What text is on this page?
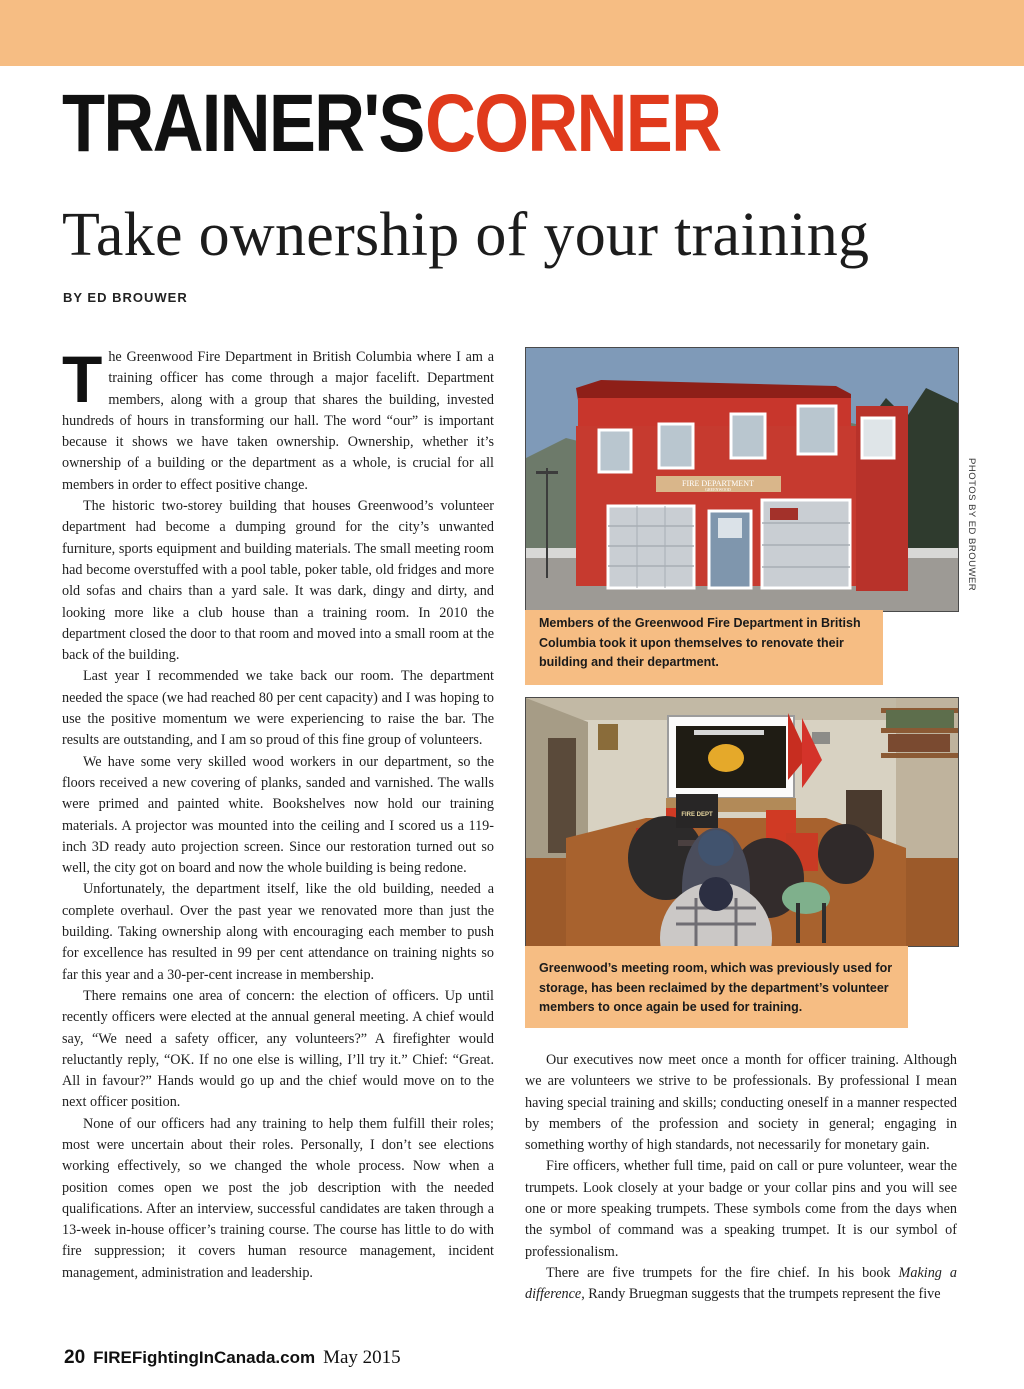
TRAINER'SCORNER
Take ownership of your training
BY ED BROUWER

The Greenwood Fire Department in British Columbia where I am a training officer has come through a major facelift. Department members, along with a group that shares the building, invested hundreds of hours in transforming our hall. The word “our” is important because it shows we have taken ownership. Ownership, whether it’s ownership of a building or the department as a whole, is crucial for all members in order to effect positive change.

The historic two-storey building that houses Greenwood’s volunteer department had become a dumping ground for the city’s unwanted furniture, sports equipment and building materials. The small meeting room had become overstuffed with a pool table, poker table, old fridges and more old sofas and chairs than a yard sale. It was dark, dingy and dirty, and looking more like a club house than a training room. In 2010 the department closed the door to that room and moved into a small room at the back of the building.

Last year I recommended we take back our room. The department needed the space (we had reached 80 per cent capacity) and I was hoping to use the positive momentum we were experiencing to raise the bar. The results are outstanding, and I am so proud of this fine group of volunteers.

We have some very skilled wood workers in our department, so the floors received a new covering of planks, sanded and varnished. The walls were primed and painted white. Bookshelves now hold our training materials. A projector was mounted into the ceiling and I scored us a 119-inch 3D ready auto projection screen. Since our restoration turned out so well, the city got on board and now the whole building is being redone.

Unfortunately, the department itself, like the old building, needed a complete overhaul. Over the past year we renovated more than just the building. Taking ownership along with encouraging each member to push for excellence has resulted in 99 per cent attendance on training nights so far this year and a 30-per-cent increase in membership.

There remains one area of concern: the election of officers. Up until recently officers were elected at the annual general meeting. A chief would say, “We need a safety officer, any volunteers?” A firefighter would reluctantly reply, “OK. If no one else is willing, I’ll try it.” Chief: “Great. All in favour?” Hands would go up and the chief would move on to the next officer position.

None of our officers had any training to help them fulfill their roles; most were uncertain about their roles. Personally, I don’t see elections working effectively, so we changed the whole process. Now when a position comes open we post the job description with the needed qualifications. After an interview, successful candidates are taken through a 13-week in-house officer’s training course. The course has little to do with fire suppression; it covers human resource management, incident management, administration and leadership.

FIRE DEPARTMENT
GREENWOOD
Members of the Greenwood Fire Department in British Columbia took it upon themselves to renovate their building and their department.
PHOTOS BY ED BROUWER
FIRE DEPT
Greenwood’s meeting room, which was previously used for storage, has been reclaimed by the department’s volunteer members to once again be used for training.

Our executives now meet once a month for officer training. Although we are volunteers we strive to be professionals. By professional I mean having special training and skills; conducting oneself in a manner respected by members of the profession and society in general; engaging in something worthy of high standards, not necessarily for monetary gain.

Fire officers, whether full time, paid on call or pure volunteer, wear the trumpets. Look closely at your badge or your collar pins and you will see one or more speaking trumpets. These symbols come from the days when the symbol of command was a speaking trumpet. It is our symbol of professionalism.

There are five trumpets for the fire chief. In his book Making a difference, Randy Bruegman suggests that the trumpets represent the five

20 FIREFightingInCanada.com May 2015
